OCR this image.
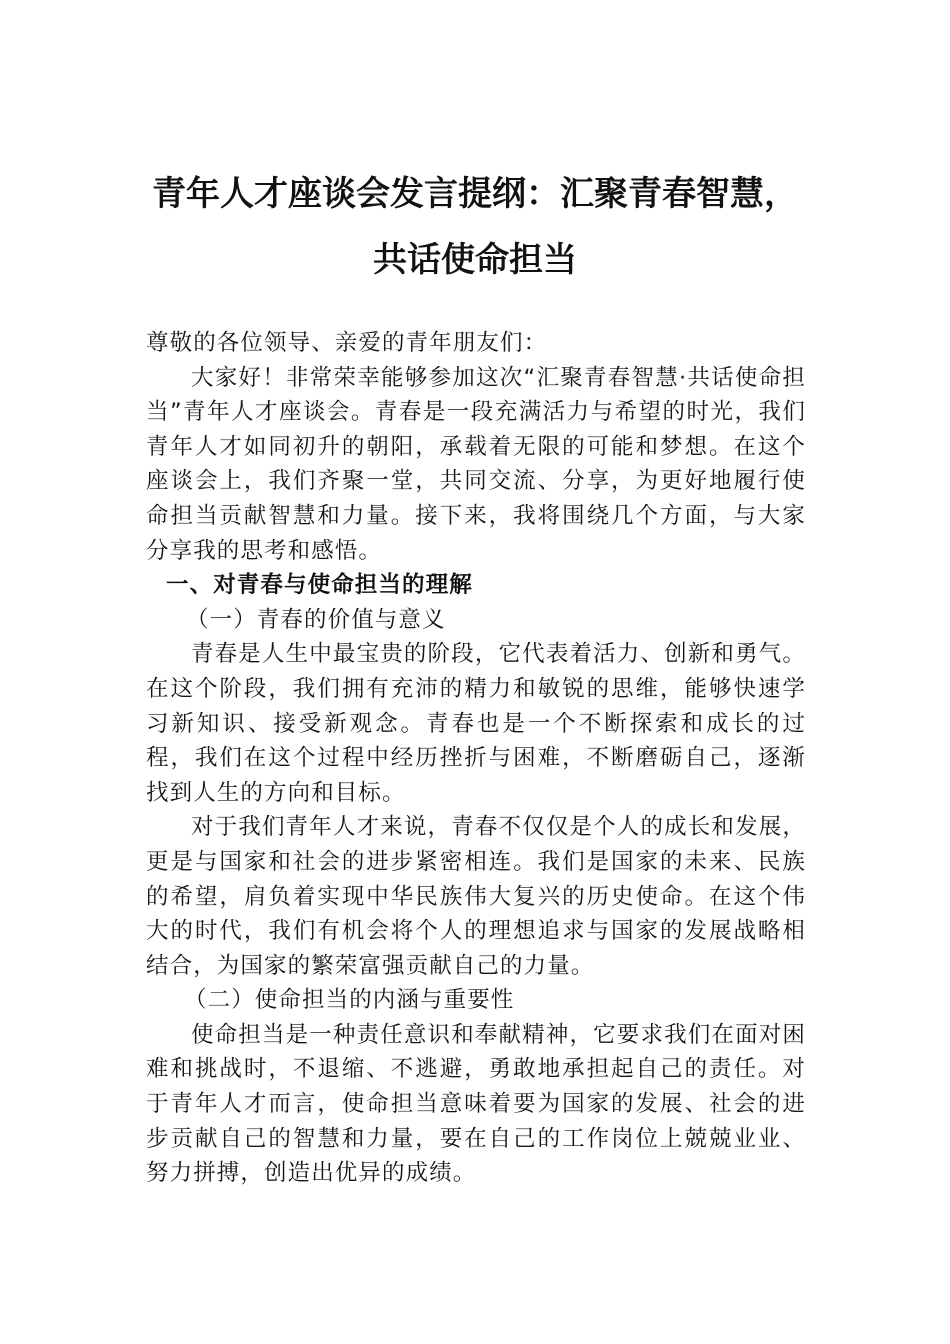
青年人才座谈会发言提纲：汇聚青春智慧，
共话使命担当

尊敬的各位领导、亲爱的青年朋友们：

大家好！非常荣幸能够参加这次“汇聚青春智慧·共话使命担当”青年人才座谈会。青春是一段充满活力与希望的时光，我们青年人才如同初升的朝阳，承载着无限的可能和梦想。在这个座谈会上，我们齐聚一堂，共同交流、分享，为更好地履行使命担当贡献智慧和力量。接下来，我将围绕几个方面，与大家分享我的思考和感悟。

一、对青春与使命担当的理解

（一）青春的价值与意义

青春是人生中最宝贵的阶段，它代表着活力、创新和勇气。在这个阶段，我们拥有充沛的精力和敏锐的思维，能够快速学习新知识、接受新观念。青春也是一个不断探索和成长的过程，我们在这个过程中经历挫折与困难，不断磨砺自己，逐渐找到人生的方向和目标。

对于我们青年人才来说，青春不仅仅是个人的成长和发展，更是与国家和社会的进步紧密相连。我们是国家的未来、民族的希望，肩负着实现中华民族伟大复兴的历史使命。在这个伟大的时代，我们有机会将个人的理想追求与国家的发展战略相结合，为国家的繁荣富强贡献自己的力量。

（二）使命担当的内涵与重要性

使命担当是一种责任意识和奉献精神，它要求我们在面对困难和挑战时，不退缩、不逃避，勇敢地承担起自己的责任。对于青年人才而言，使命担当意味着要为国家的发展、社会的进步贡献自己的智慧和力量，要在自己的工作岗位上兢兢业业、努力拼搏，创造出优异的成绩。
